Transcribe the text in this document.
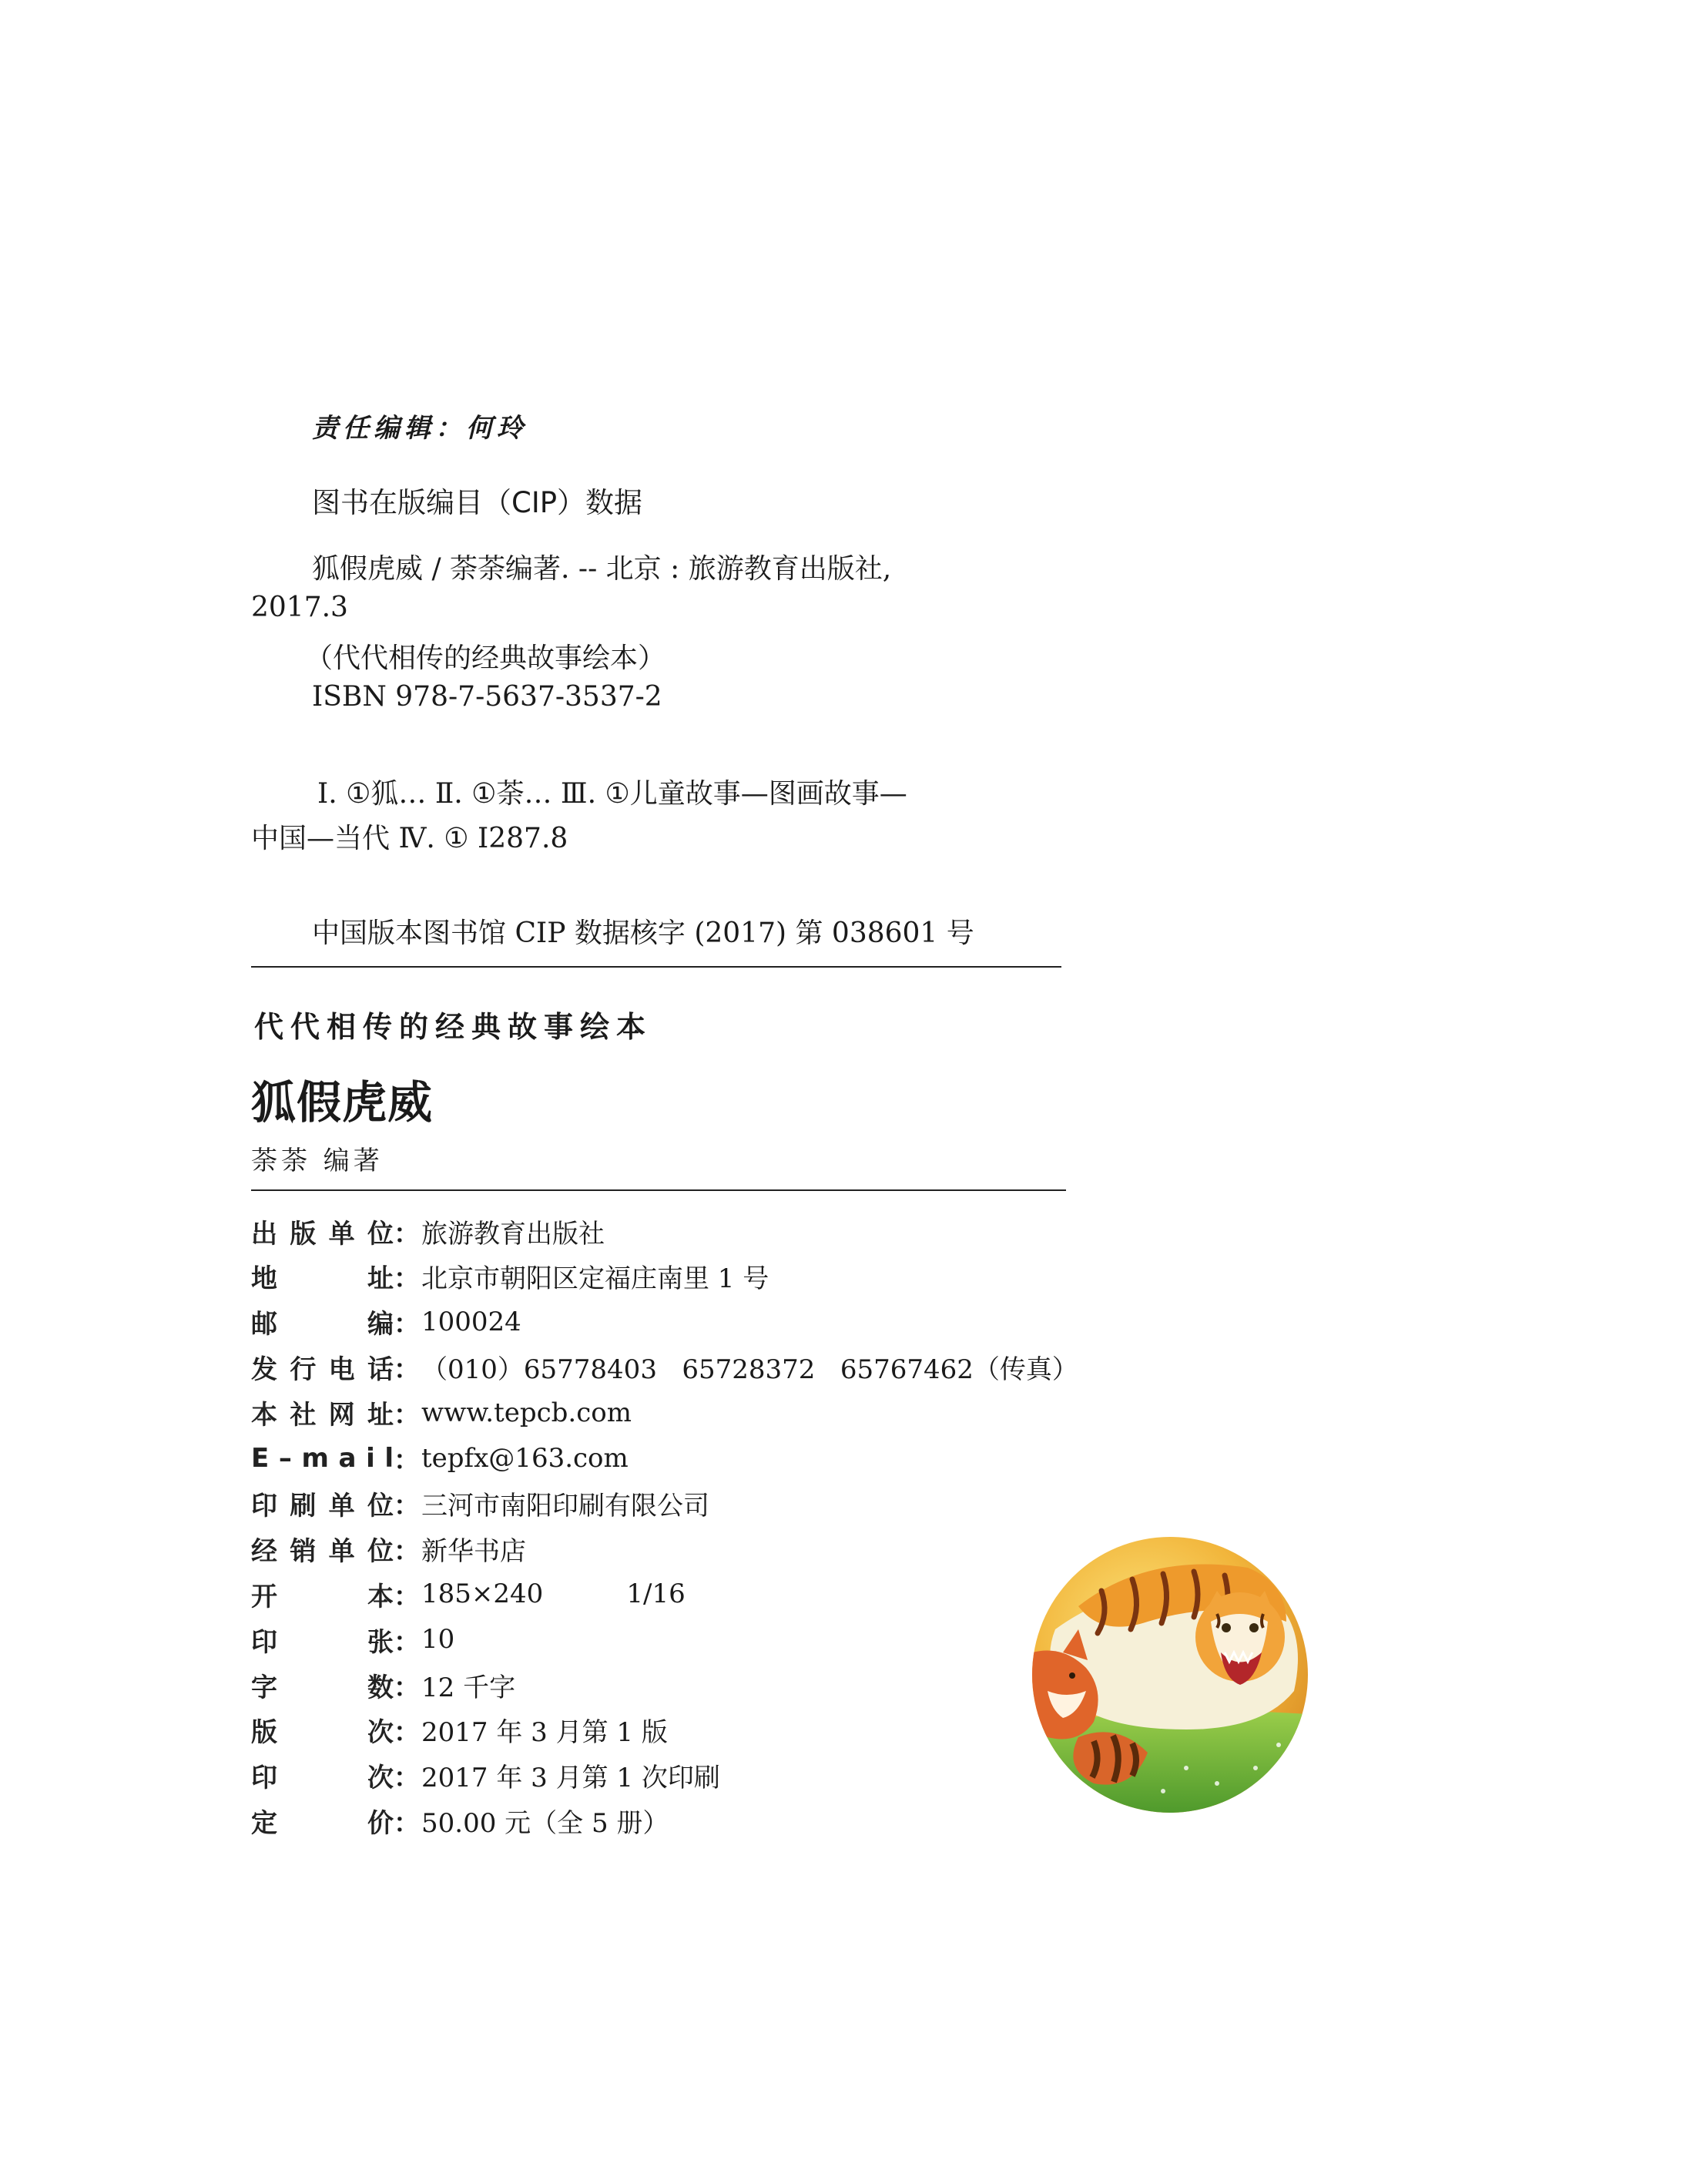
责任编辑：何玲
图书在版编目（CIP）数据
狐假虎威 / 荼荼编著. -- 北京 : 旅游教育出版社,
2017.3
（代代相传的经典故事绘本）
ISBN 978-7-5637-3537-2
Ⅰ. ①狐… Ⅱ. ①荼… Ⅲ. ①儿童故事—图画故事—
中国—当代 Ⅳ. ① I287.8
中国版本图书馆 CIP 数据核字 (2017) 第 038601 号
代代相传的经典故事绘本
狐假虎威
荼荼 编著
出 版 单 位 ： 旅游教育出版社
地	址 ： 北京市朝阳区定福庄南里 1 号
邮	编 ： 100024
发 行 电 话 ： （010）65778403   65728372   65767462（传真）
本 社 网 址 ： www.tepcb.com
E – m a i l ： tepfx@163.com
印 刷 单 位 ： 三河市南阳印刷有限公司
经 销 单 位 ： 新华书店
开	本 ： 185×240          1/16
印	张 ： 10
字	数 ： 12 千字
版	次 ： 2017 年 3 月第 1 版
印	次 ： 2017 年 3 月第 1 次印刷
定	价 ： 50.00 元（全 5 册）
